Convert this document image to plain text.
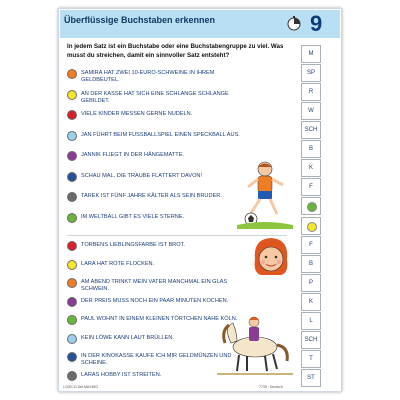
Überflüssige Buchstaben erkennen	9
In jedem Satz ist ein Buchstabe oder eine Buchstabengruppe zu viel. Was musst du streichen, damit ein sinnvoller Satz entsteht?
SAMIRA HAT ZWEI 10-EURO-SCHWEINE IN IHREM GELDBEUTEL.
AN DER KASSE HAT SICH EINE SCHLANGE SCHLANGE GEBILDET.
VIELE KINDER MESSEN GERNE NUDELN.
JAN FÜHRT BEIM FUSSBALLSPIEL EINEN SPECKBALL AUS.
JANNIK FLIEGT IN DER HÄNGEMATTE.
SCHAU MAL, DIE TRAUBE FLATTERT DAVON!
TAREK IST FÜNF JAHRE KÄLTER ALS SEIN BRUDER.
IM WELTBALL GIBT ES VIELE STERNE.
TORBENS LIEBLINGSFARBE IST BROT.
LARA HAT ROTE FLOCKEN.
AM ABEND TRINKT MEIN VATER MANCHMAL EIN GLAS SCHWEIN.
DER PREIS MUSS NOCH EIN PAAR MINUTEN KOCHEN.
PAUL WOHNT IN EINEM KLEINEN TÖRTCHEN NAHE KÖLN.
KEIN LÖWE KANN LAUT BRÜLLEN.
IN DER KINOKASSE KAUFE ICH MIR GELDMÜNZEN UND SCHEINE.
LARAS HOBBY IST STREITEN.
M
SP
R
W
SCH
B
K
F
F
B
P
K
L
SCH
T
ST
LOGICO-Set MAXIMO	7739 · Deutsch
